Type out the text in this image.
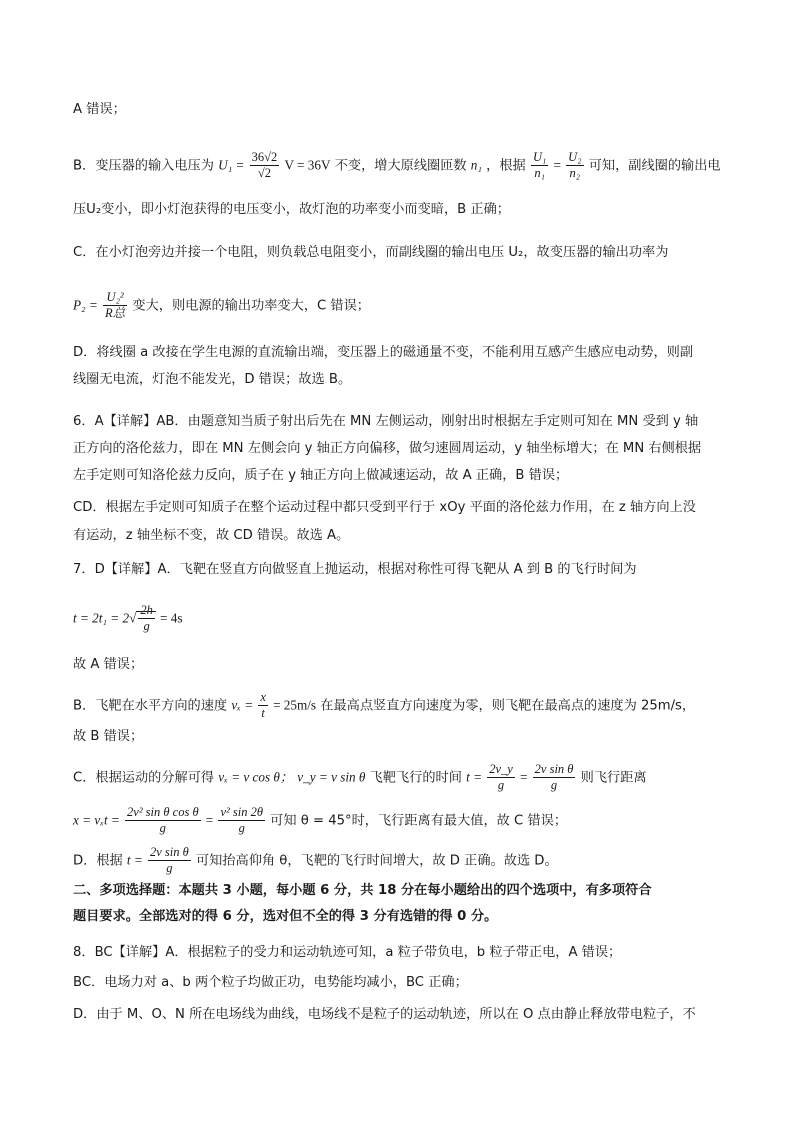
A 错误；
B．变压器的输入电压为 $U_1 = \frac{36√2}{√2}$ V = 36V 不变，增大原线圈匝数 n₁ ，根据 $\frac{\text{U₁}}{\text{n₁}} = \frac{\text{U₂}}{\text{n₂}}$ 可知，副线圈的输出电
压U₂变小，即小灯泡获得的电压变小，故灯泡的功率变小而变暗，B 正确；
C．在小灯泡旁边并接一个电阻，则负载总电阻变小，而副线圈的输出电压 U₂，故变压器的输出功率为
$P_2 = \frac{\text{U₂²}}{\text{R总}}$ 变大，则电源的输出功率变大，C 错误；
D．将线圈 a 改接在学生电源的直流输出端，变压器上的磁通量不变，不能利用互感产生感应电动势，则副
线圈无电流，灯泡不能发光，D 错误；故选 B。
6．A【详解】AB．由题意知当质子射出后先在 MN 左侧运动，刚射出时根据左手定则可知在 MN 受到 y 轴
正方向的洛伦兹力，即在 MN 左侧会向 y 轴正方向偏移，做匀速圆周运动，y 轴坐标增大；在 MN 右侧根据
左手定则可知洛伦兹力反向，质子在 y 轴正方向上做减速运动，故 A 正确，B 错误；
CD．根据左手定则可知质子在整个运动过程中都只受到平行于 xOy 平面的洛伦兹力作用，在 z 轴方向上没
有运动，z 轴坐标不变，故 CD 错误。故选 A。
7．D【详解】A．飞靶在竖直方向做竖直上抛运动，根据对称性可得飞靶从 A 到 B 的飞行时间为
$t = 2t_1 = 2√ \frac{2h}{g} = 4s$
故 A 错误；
B．飞靶在水平方向的速度 $v_x = \frac{x}{t} = 25m/s$ 在最高点竖直方向速度为零，则飞靶在最高点的速度为 25m/s，
故 B 错误；
C．根据运动的分解可得 vₓ = v cos θ； v_y = v sin θ 飞靶飞行的时间 $t = \frac{2v\_y}{g} = \frac{\text{2v sin θ}}{g}$ 则飞行距离
$x = v_xt = \frac{\text{2v² sin θ cos θ}}{g} = \frac{\text{v² sin 2θ}}{g}$ 可知 θ = 45°时，飞行距离有最大值，故 C 错误；
D．根据 $t = \frac{\text{2v sin θ}}{g}$ 可知抬高仰角 θ，飞靶的飞行时间增大，故 D 正确。故选 D。
二、多项选择题：本题共 3 小题，每小题 6 分，共 18 分在每小题给出的四个选项中，有多项符合
题目要求。全部选对的得 6 分，选对但不全的得 3 分有选错的得 0 分。
8．BC【详解】A．根据粒子的受力和运动轨迹可知，a 粒子带负电，b 粒子带正电，A 错误；
BC．电场力对 a、b 两个粒子均做正功，电势能均减小，BC 正确；
D．由于 M、O、N 所在电场线为曲线，电场线不是粒子的运动轨迹，所以在 O 点由静止释放带电粒子，不
